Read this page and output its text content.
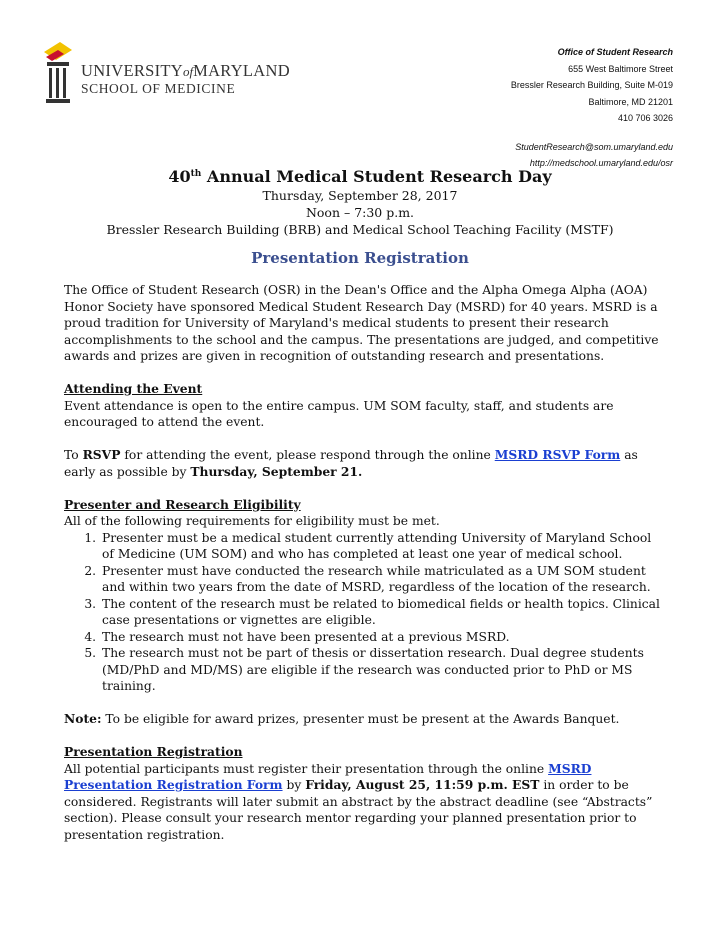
UNIVERSITYofMARYLAND
SCHOOL OF MEDICINE
Office of Student Research
655 West Baltimore Street
Bressler Research Building, Suite M-019
Baltimore, MD 21201
410 706 3026
StudentResearch@som.umaryland.edu
http://medschool.umaryland.edu/osr
40th Annual Medical Student Research Day
Thursday, September 28, 2017
Noon – 7:30 p.m.
Bressler Research Building (BRB) and Medical School Teaching Facility (MSTF)
Presentation Registration

The Office of Student Research (OSR) in the Dean's Office and the Alpha Omega Alpha (AOA) Honor Society have sponsored Medical Student Research Day (MSRD) for 40 years. MSRD is a proud tradition for University of Maryland's medical students to present their research accomplishments to the school and the campus. The presentations are judged, and competitive awards and prizes are given in recognition of outstanding research and presentations.

Attending the Event

Event attendance is open to the entire campus. UM SOM faculty, staff, and students are encouraged to attend the event.

To RSVP for attending the event, please respond through the online MSRD RSVP Form as early as possible by Thursday, September 21.

Presenter and Research Eligibility

All of the following requirements for eligibility must be met.

1. Presenter must be a medical student currently attending University of Maryland School of Medicine (UM SOM) and who has completed at least one year of medical school.
2. Presenter must have conducted the research while matriculated as a UM SOM student and within two years from the date of MSRD, regardless of the location of the research.
3. The content of the research must be related to biomedical fields or health topics. Clinical case presentations or vignettes are eligible.
4. The research must not have been presented at a previous MSRD.
5. The research must not be part of thesis or dissertation research. Dual degree students (MD/PhD and MD/MS) are eligible if the research was conducted prior to PhD or MS training.

Note: To be eligible for award prizes, presenter must be present at the Awards Banquet.

Presentation Registration

All potential participants must register their presentation through the online MSRD Presentation Registration Form by Friday, August 25, 11:59 p.m. EST in order to be considered. Registrants will later submit an abstract by the abstract deadline (see “Abstracts” section). Please consult your research mentor regarding your planned presentation prior to presentation registration.
